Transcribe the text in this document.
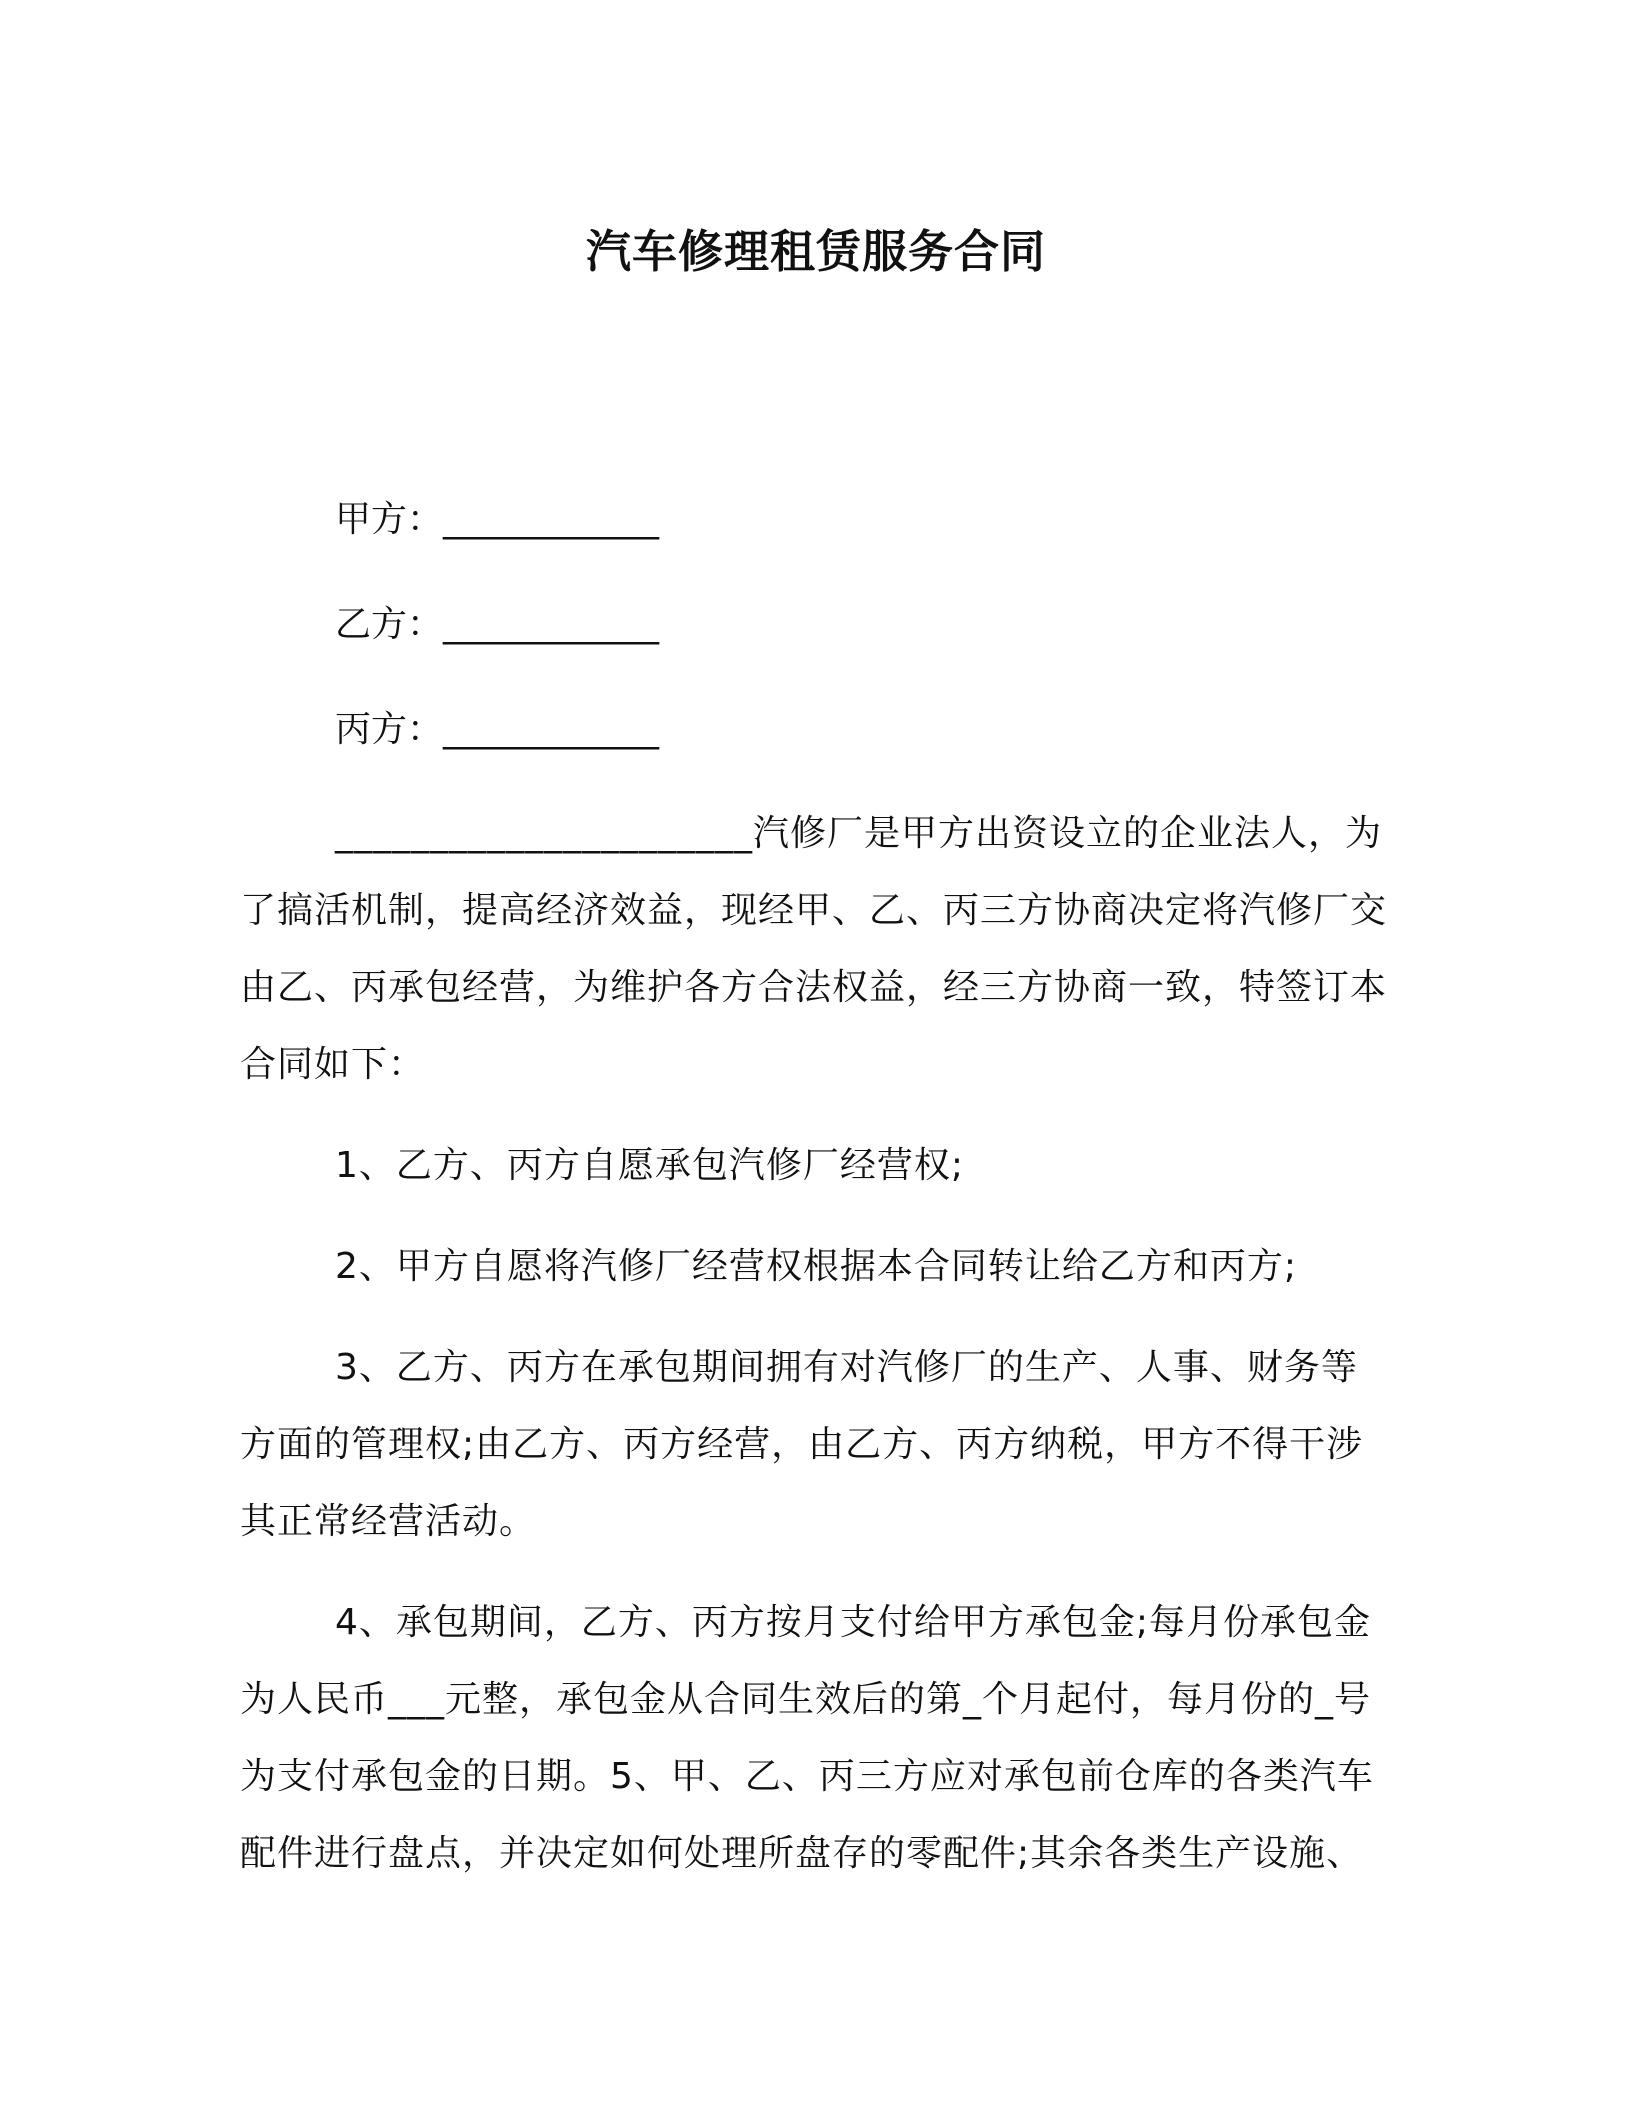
汽车修理租赁服务合同
甲方：____________
乙方：____________
丙方：____________

______________________汽修厂是甲方出资设立的企业法人，为了搞活机制，提高经济效益，现经甲、乙、丙三方协商决定将汽修厂交由乙、丙承包经营，为维护各方合法权益，经三方协商一致，特签订本合同如下：

1、乙方、丙方自愿承包汽修厂经营权;

2、甲方自愿将汽修厂经营权根据本合同转让给乙方和丙方;

3、乙方、丙方在承包期间拥有对汽修厂的生产、人事、财务等方面的管理权;由乙方、丙方经营，由乙方、丙方纳税，甲方不得干涉其正常经营活动。

4、承包期间，乙方、丙方按月支付给甲方承包金;每月份承包金为人民币___元整，承包金从合同生效后的第_个月起付，每月份的_号为支付承包金的日期。5、甲、乙、丙三方应对承包前仓库的各类汽车配件进行盘点，并决定如何处理所盘存的零配件;其余各类生产设施、
